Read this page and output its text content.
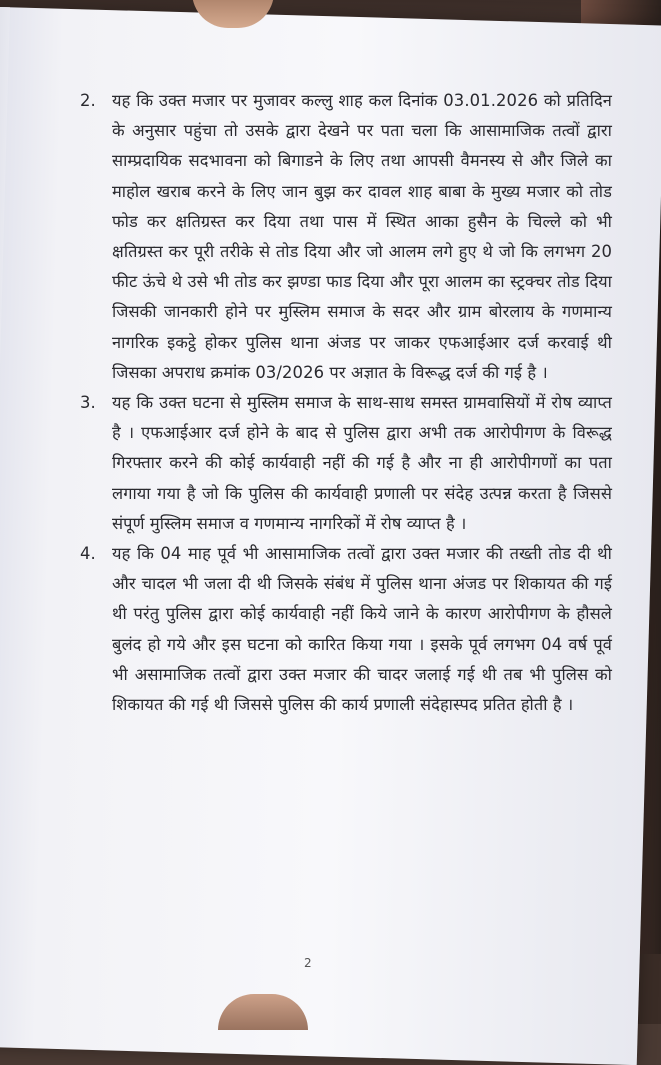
2. यह कि उक्त मजार पर मुजावर कल्लु शाह कल दिनांक 03.01.2026 को प्रतिदिन के अनुसार पहुंचा तो उसके द्वारा देखने पर पता चला कि आसामाजिक तत्वों द्वारा साम्प्रदायिक सदभावना को बिगाडने के लिए तथा आपसी वैमनस्य से और जिले का माहोल खराब करने के लिए जान बुझ कर दावल शाह बाबा के मुख्य मजार को तोड फोड कर क्षतिग्रस्त कर दिया तथा पास में स्थित आका हुसैन के चिल्ले को भी क्षतिग्रस्त कर पूरी तरीके से तोड दिया और जो आलम लगे हुए थे जो कि लगभग 20 फीट ऊंचे थे उसे भी तोड कर झण्डा फाड दिया और पूरा आलम का स्ट्रक्चर तोड दिया जिसकी जानकारी होने पर मुस्लिम समाज के सदर और ग्राम बोरलाय के गणमान्य नागरिक इकट्ठे होकर पुलिस थाना अंजड पर जाकर एफआईआर दर्ज करवाई थी जिसका अपराध क्रमांक 03/2026 पर अज्ञात के विरूद्ध दर्ज की गई है ।
3. यह कि उक्त घटना से मुस्लिम समाज के साथ-साथ समस्त ग्रामवासियों में रोष व्याप्त है । एफआईआर दर्ज होने के बाद से पुलिस द्वारा अभी तक आरोपीगण के विरूद्ध गिरफ्तार करने की कोई कार्यवाही नहीं की गई है और ना ही आरोपीगणों का पता लगाया गया है जो कि पुलिस की कार्यवाही प्रणाली पर संदेह उत्पन्न करता है जिससे संपूर्ण मुस्लिम समाज व गणमान्य नागरिकों में रोष व्याप्त है ।
4. यह कि 04 माह पूर्व भी आसामाजिक तत्वों द्वारा उक्त मजार की तख्ती तोड दी थी और चादल भी जला दी थी जिसके संबंध में पुलिस थाना अंजड पर शिकायत की गई थी परंतु पुलिस द्वारा कोई कार्यवाही नहीं किये जाने के कारण आरोपीगण के हौसले बुलंद हो गये और इस घटना को कारित किया गया । इसके पूर्व लगभग 04 वर्ष पूर्व भी असामाजिक तत्वों द्वारा उक्त मजार की चादर जलाई गई थी तब भी पुलिस को शिकायत की गई थी जिससे पुलिस की कार्य प्रणाली संदेहास्पद प्रतित होती है ।
2
